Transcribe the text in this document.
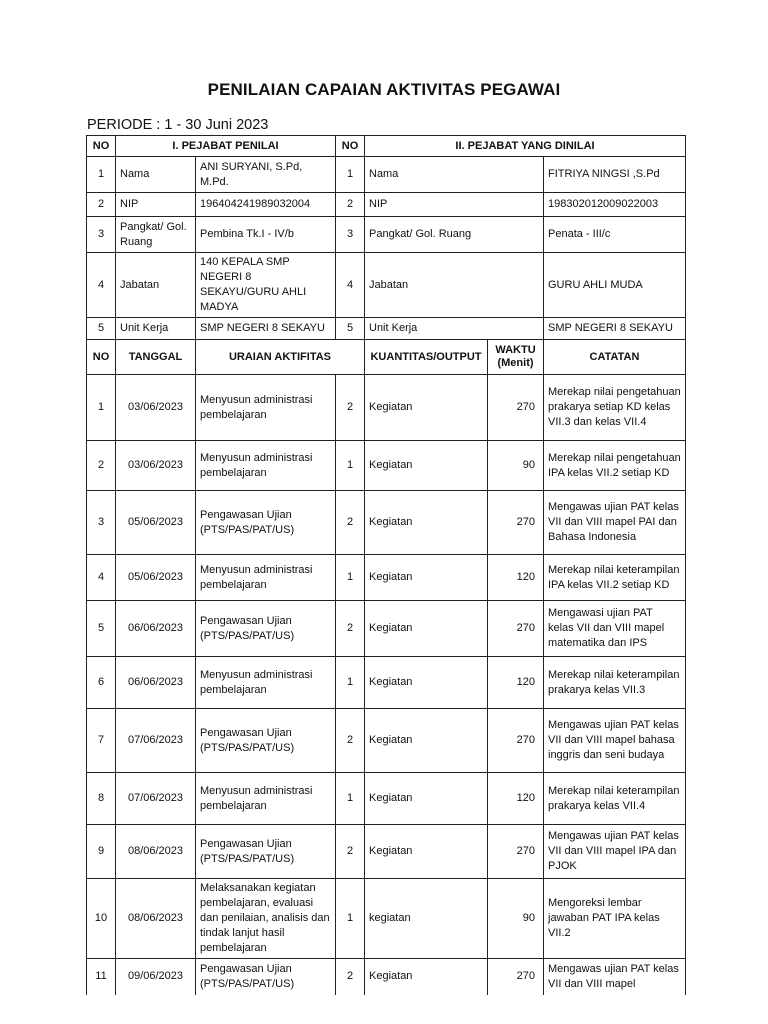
PENILAIAN CAPAIAN AKTIVITAS PEGAWAI
PERIODE : 1 - 30 Juni 2023
NO	I. PEJABAT PENILAI		NO	II. PEJABAT YANG DINILAI		
1	Nama	ANI SURYANI, S.Pd, M.Pd.	1	Nama		FITRIYA NINGSI ,S.Pd
2	NIP	196404241989032004	2	NIP		198302012009022003
3	Pangkat/ Gol. Ruang	Pembina Tk.I - IV/b	3	Pangkat/ Gol. Ruang		Penata - III/c
4	Jabatan	140 KEPALA SMP NEGERI 8 SEKAYU/GURU AHLI MADYA	4	Jabatan		GURU AHLI MUDA
5	Unit Kerja	SMP NEGERI 8 SEKAYU	5	Unit Kerja		SMP NEGERI 8 SEKAYU
NO	TANGGAL	URAIAN AKTIFITAS		KUANTITAS/OUTPUT	WAKTU (Menit)	CATATAN
1	03/06/2023	Menyusun administrasi pembelajaran	2	Kegiatan	270	Merekap nilai pengetahuan prakarya setiap KD kelas VII.3 dan kelas VII.4
2	03/06/2023	Menyusun administrasi pembelajaran	1	Kegiatan	90	Merekap nilai pengetahuan IPA kelas VII.2 setiap KD
3	05/06/2023	Pengawasan Ujian (PTS/PAS/PAT/US)	2	Kegiatan	270	Mengawas ujian PAT kelas VII dan VIII mapel PAI dan Bahasa Indonesia
4	05/06/2023	Menyusun administrasi pembelajaran	1	Kegiatan	120	Merekap nilai keterampilan IPA kelas VII.2 setiap KD
5	06/06/2023	Pengawasan Ujian (PTS/PAS/PAT/US)	2	Kegiatan	270	Mengawasi ujian PAT kelas VII dan VIII mapel matematika dan IPS
6	06/06/2023	Menyusun administrasi pembelajaran	1	Kegiatan	120	Merekap nilai keterampilan prakarya kelas VII.3
7	07/06/2023	Pengawasan Ujian (PTS/PAS/PAT/US)	2	Kegiatan	270	Mengawas ujian PAT kelas VII dan VIII mapel bahasa inggris dan seni budaya
8	07/06/2023	Menyusun administrasi pembelajaran	1	Kegiatan	120	Merekap nilai keterampilan prakarya kelas VII.4
9	08/06/2023	Pengawasan Ujian (PTS/PAS/PAT/US)	2	Kegiatan	270	Mengawas ujian PAT kelas VII dan VIII mapel IPA dan PJOK
10	08/06/2023	Melaksanakan kegiatan pembelajaran, evaluasi dan penilaian, analisis dan tindak lanjut hasil pembelajaran	1	kegiatan	90	Mengoreksi lembar jawaban PAT IPA kelas VII.2
11	09/06/2023	Pengawasan Ujian (PTS/PAS/PAT/US)	2	Kegiatan	270	Mengawas ujian PAT kelas VII dan VIII mapel
